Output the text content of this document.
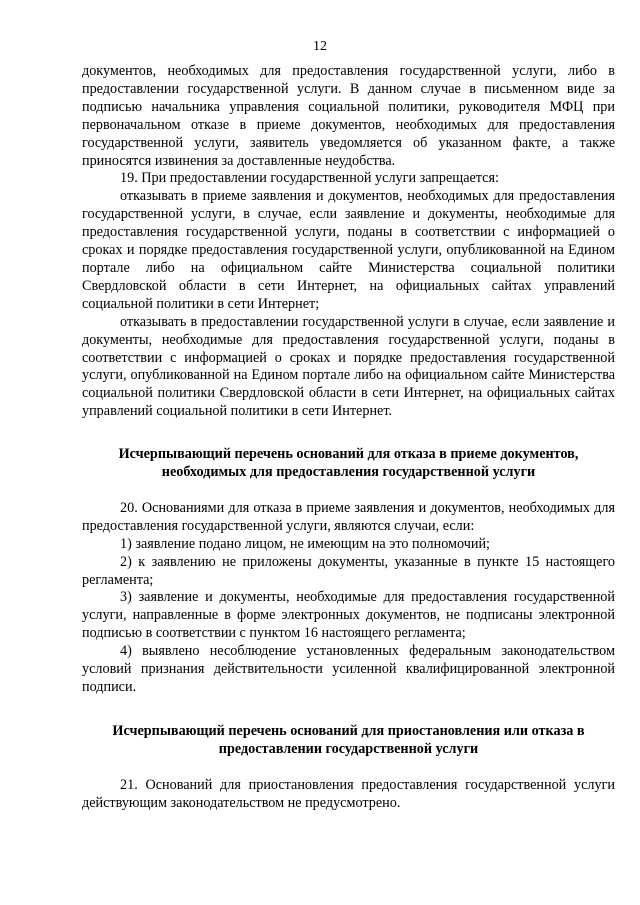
12

документов, необходимых для предоставления государственной услуги, либо в предоставлении государственной услуги. В данном случае в письменном виде за подписью начальника управления социальной политики, руководителя МФЦ при первоначальном отказе в приеме документов, необходимых для предоставления государственной услуги, заявитель уведомляется об указанном факте, а также приносятся извинения за доставленные неудобства.

19. При предоставлении государственной услуги запрещается:

отказывать в приеме заявления и документов, необходимых для предоставления государственной услуги, в случае, если заявление и документы, необходимые для предоставления государственной услуги, поданы в соответствии с информацией о сроках и порядке предоставления государственной услуги, опубликованной на Едином портале либо на официальном сайте Министерства социальной политики Свердловской области в сети Интернет, на официальных сайтах управлений социальной политики в сети Интернет;

отказывать в предоставлении государственной услуги в случае, если заявление и документы, необходимые для предоставления государственной услуги, поданы в соответствии с информацией о сроках и порядке предоставления государственной услуги, опубликованной на Едином портале либо на официальном сайте Министерства социальной политики Свердловской области в сети Интернет, на официальных сайтах управлений социальной политики в сети Интернет.

Исчерпывающий перечень оснований для отказа в приеме документов, необходимых для предоставления государственной услуги

20. Основаниями для отказа в приеме заявления и документов, необходимых для предоставления государственной услуги, являются случаи, если:

1) заявление подано лицом, не имеющим на это полномочий;

2) к заявлению не приложены документы, указанные в пункте 15 настоящего регламента;

3) заявление и документы, необходимые для предоставления государственной услуги, направленные в форме электронных документов, не подписаны электронной подписью в соответствии с пунктом 16 настоящего регламента;

4) выявлено несоблюдение установленных федеральным законодательством условий признания действительности усиленной квалифицированной электронной подписи.

Исчерпывающий перечень оснований для приостановления или отказа в предоставлении государственной услуги

21. Оснований для приостановления предоставления государственной услуги действующим законодательством не предусмотрено.
